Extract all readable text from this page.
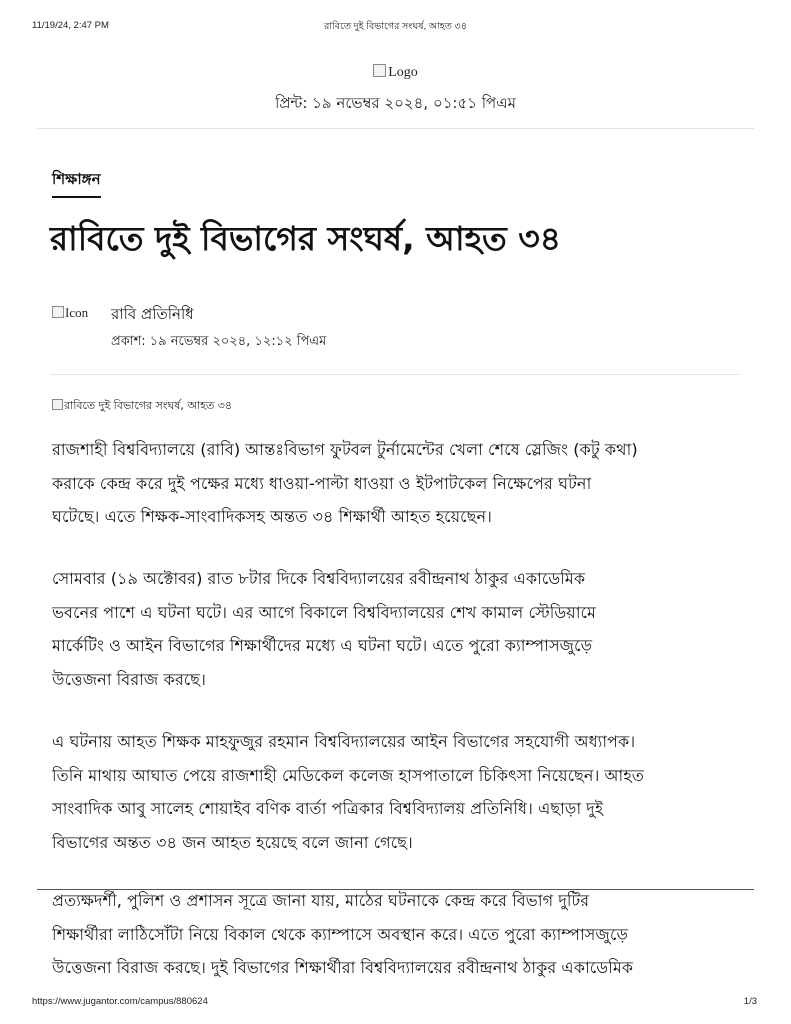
11/19/24, 2:47 PM	রাবিতে দুই বিভাগের সংঘর্ষ, আহত ৩৪
Logo
প্রিন্ট: ১৯ নভেম্বর ২০২৪, ০১:৫১ পিএম
শিক্ষাঙ্গন
রাবিতে দুই বিভাগের সংঘর্ষ, আহত ৩৪
Icon রাবি প্রতিনিধি
প্রকাশ: ১৯ নভেম্বর ২০২৪, ১২:১২ পিএম
রাবিতে দুই বিভাগের সংঘর্ষ, আহত ৩৪
রাজশাহী বিশ্ববিদ্যালয়ে (রাবি) আন্তঃবিভাগ ফুটবল টুর্নামেন্টের খেলা শেষে স্লেজিং (কটু কথা)
করাকে কেন্দ্র করে দুই পক্ষের মধ্যে ধাওয়া-পাল্টা ধাওয়া ও ইটপাটকেল নিক্ষেপের ঘটনা
ঘটেছে। এতে শিক্ষক-সাংবাদিকসহ অন্তত ৩৪ শিক্ষার্থী আহত হয়েছেন।
সোমবার (১৯ অক্টোবর) রাত ৮টার দিকে বিশ্ববিদ্যালয়ের রবীন্দ্রনাথ ঠাকুর একাডেমিক
ভবনের পাশে এ ঘটনা ঘটে। এর আগে বিকালে বিশ্ববিদ্যালয়ের শেখ কামাল স্টেডিয়ামে
মার্কেটিং ও আইন বিভাগের শিক্ষার্থীদের মধ্যে এ ঘটনা ঘটে। এতে পুরো ক্যাম্পাসজুড়ে
উত্তেজনা বিরাজ করছে।
এ ঘটনায় আহত শিক্ষক মাহফুজুর রহমান বিশ্ববিদ্যালয়ের আইন বিভাগের সহযোগী অধ্যাপক।
তিনি মাথায় আঘাত পেয়ে রাজশাহী মেডিকেল কলেজ হাসপাতালে চিকিৎসা নিয়েছেন। আহত
সাংবাদিক আবু সালেহ শোয়াইব বণিক বার্তা পত্রিকার বিশ্ববিদ্যালয় প্রতিনিধি। এছাড়া দুই
বিভাগের অন্তত ৩৪ জন আহত হয়েছে বলে জানা গেছে।
প্রত্যক্ষদর্শী, পুলিশ ও প্রশাসন সূত্রে জানা যায়, মাঠের ঘটনাকে কেন্দ্র করে বিভাগ দুটির
শিক্ষার্থীরা লাঠিসোঁটা নিয়ে বিকাল থেকে ক্যাম্পাসে অবস্থান করে। এতে পুরো ক্যাম্পাসজুড়ে
উত্তেজনা বিরাজ করছে। দুই বিভাগের শিক্ষার্থীরা বিশ্ববিদ্যালয়ের রবীন্দ্রনাথ ঠাকুর একাডেমিক
https://www.jugantor.com/campus/880624	1/3
